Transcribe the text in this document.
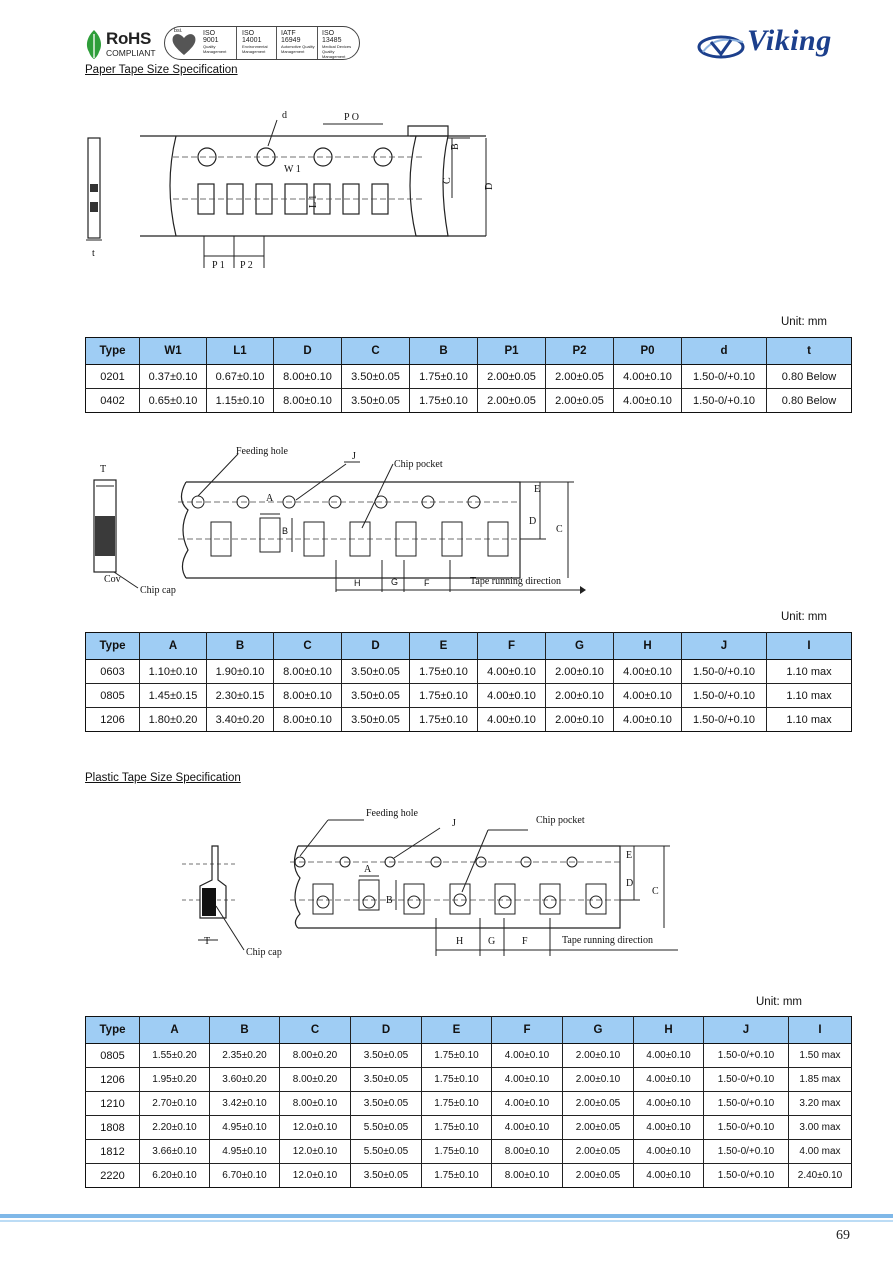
RoHS
COMPLIANT
bsi.	ISO
9001
Quality Management
ISO
14001
Environmental Management
IATF
16949
Automotive Quality Management
ISO
13485
Medical Devices Quality Management	Viking
Paper Tape Size Specification
t
d	P O
W 1
L 1
B
C
D
P 1 P 2
Unit: mm
Type	W1	L1	D	C	B	P1	P2	P0	d	t
0201	0.37±0.10	0.67±0.10	8.00±0.10	3.50±0.05	1.75±0.10	2.00±0.05	2.00±0.05	4.00±0.10	1.50-0/+0.10	0.80 Below
0402	0.65±0.10	1.15±0.10	8.00±0.10	3.50±0.05	1.75±0.10	2.00±0.05	2.00±0.05	4.00±0.10	1.50-0/+0.10	0.80 Below
T
Cov
Chip cap
Feeding hole	J
Chip pocket
A
B
E
D
C
H	G	F	Tape running direction
Unit: mm
Type	A	B	C	D	E	F	G	H	J	I
0603	1.10±0.10	1.90±0.10	8.00±0.10	3.50±0.05	1.75±0.10	4.00±0.10	2.00±0.10	4.00±0.10	1.50-0/+0.10	1.10 max
0805	1.45±0.15	2.30±0.15	8.00±0.10	3.50±0.05	1.75±0.10	4.00±0.10	2.00±0.10	4.00±0.10	1.50-0/+0.10	1.10 max
1206	1.80±0.20	3.40±0.20	8.00±0.10	3.50±0.05	1.75±0.10	4.00±0.10	2.00±0.10	4.00±0.10	1.50-0/+0.10	1.10 max
Plastic Tape Size Specification
T
Chip cap
Feeding hole
J	Chip pocket
A
B
E
D
C
H G	F	Tape running direction
Unit: mm
Type	A	B	C	D	E	F	G	H	J	I
0805	1.55±0.20	2.35±0.20	8.00±0.20	3.50±0.05	1.75±0.10	4.00±0.10	2.00±0.10	4.00±0.10	1.50-0/+0.10	1.50 max
1206	1.95±0.20	3.60±0.20	8.00±0.20	3.50±0.05	1.75±0.10	4.00±0.10	2.00±0.10	4.00±0.10	1.50-0/+0.10	1.85 max
1210	2.70±0.10	3.42±0.10	8.00±0.10	3.50±0.05	1.75±0.10	4.00±0.10	2.00±0.05	4.00±0.10	1.50-0/+0.10	3.20 max
1808	2.20±0.10	4.95±0.10	12.0±0.10	5.50±0.05	1.75±0.10	4.00±0.10	2.00±0.05	4.00±0.10	1.50-0/+0.10	3.00 max
1812	3.66±0.10	4.95±0.10	12.0±0.10	5.50±0.05	1.75±0.10	8.00±0.10	2.00±0.05	4.00±0.10	1.50-0/+0.10	4.00 max
2220	6.20±0.10	6.70±0.10	12.0±0.10	3.50±0.05	1.75±0.10	8.00±0.10	2.00±0.05	4.00±0.10	1.50-0/+0.10	2.40±0.10
69
